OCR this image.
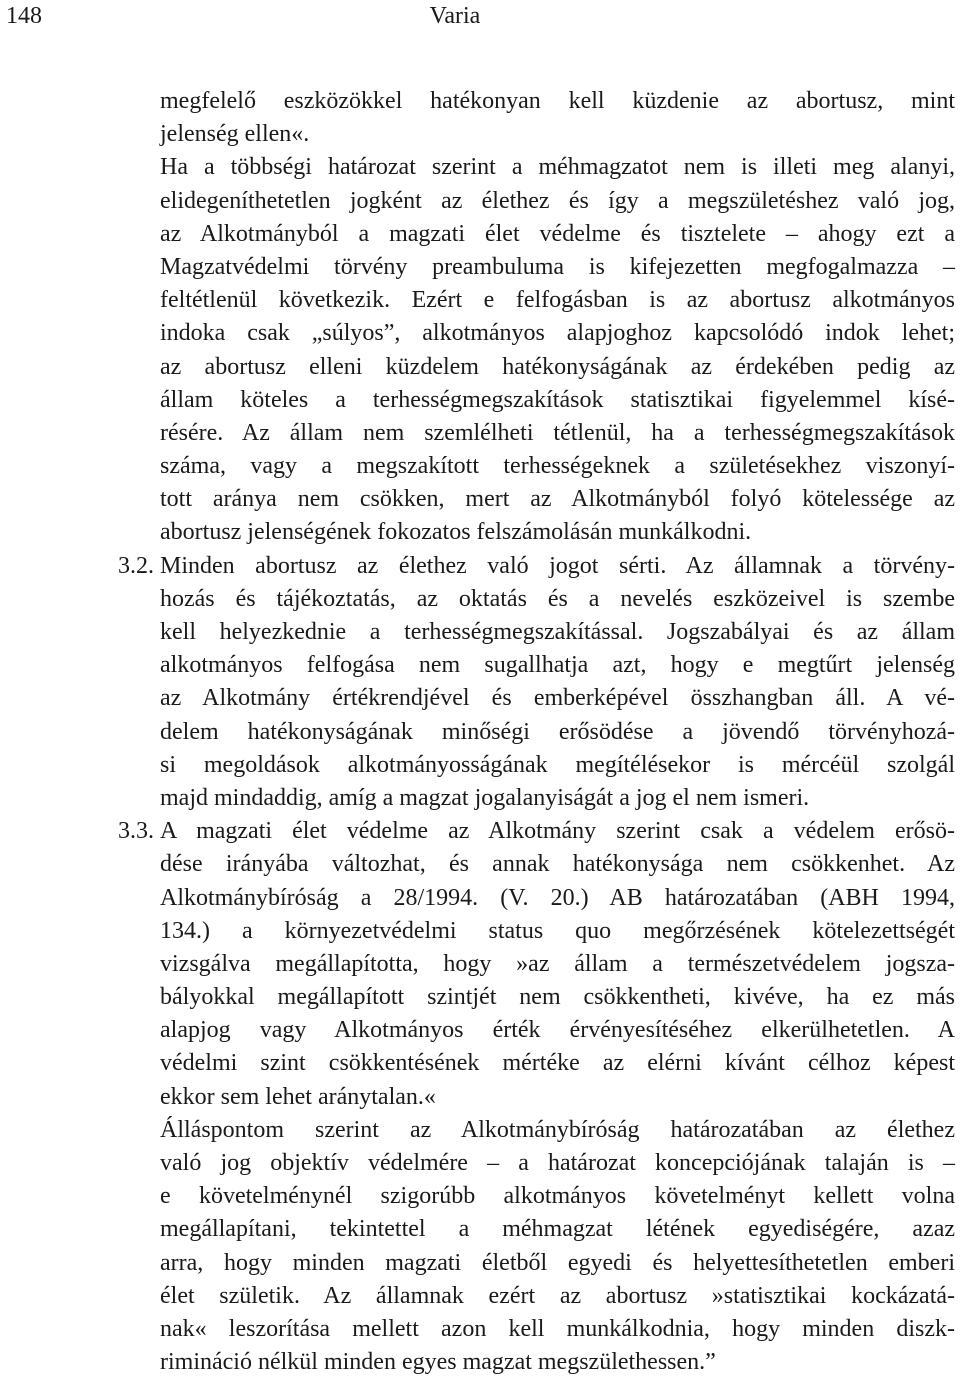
148	Varia
megfelelő eszközökkel hatékonyan kell küzdenie az abortusz, mint
jelenség ellen«.
Ha a többségi határozat szerint a méhmagzatot nem is illeti meg alanyi,
elidegeníthetetlen jogként az élethez és így a megszületéshez való jog,
az Alkotmányból a magzati élet védelme és tisztelete – ahogy ezt a
Magzatvédelmi törvény preambuluma is kifejezetten megfogalmazza –
feltétlenül következik. Ezért e felfogásban is az abortusz alkotmányos
indoka csak „súlyos”, alkotmányos alapjoghoz kapcsolódó indok lehet;
az abortusz elleni küzdelem hatékonyságának az érdekében pedig az
állam köteles a terhességmegszakítások statisztikai figyelemmel kísé-
résére. Az állam nem szemlélheti tétlenül, ha a terhességmegszakítások
száma, vagy a megszakított terhességeknek a születésekhez viszonyí-
tott aránya nem csökken, mert az Alkotmányból folyó kötelessége az
abortusz jelenségének fokozatos felszámolásán munkálkodni.
3.2. Minden abortusz az élethez való jogot sérti. Az államnak a törvény-
hozás és tájékoztatás, az oktatás és a nevelés eszközeivel is szembe
kell helyezkednie a terhességmegszakítással. Jogszabályai és az állam
alkotmányos felfogása nem sugallhatja azt, hogy e megtűrt jelenség
az Alkotmány értékrendjével és emberképével összhangban áll. A vé-
delem hatékonyságának minőségi erősödése a jövendő törvényhozá-
si megoldások alkotmányosságának megítélésekor is mércéül szolgál
majd mindaddig, amíg a magzat jogalanyiságát a jog el nem ismeri.
3.3. A magzati élet védelme az Alkotmány szerint csak a védelem erősö-
dése irányába változhat, és annak hatékonysága nem csökkenhet. Az
Alkotmánybíróság a 28/1994. (V. 20.) AB határozatában (ABH 1994,
134.) a környezetvédelmi status quo megőrzésének kötelezettségét
vizsgálva megállapította, hogy »az állam a természetvédelem jogsza-
bályokkal megállapított szintjét nem csökkentheti, kivéve, ha ez más
alapjog vagy Alkotmányos érték érvényesítéséhez elkerülhetetlen. A
védelmi szint csökkentésének mértéke az elérni kívánt célhoz képest
ekkor sem lehet aránytalan.«
Álláspontom szerint az Alkotmánybíróság határozatában az élethez
való jog objektív védelmére – a határozat koncepciójának talaján is –
e követelménynél szigorúbb alkotmányos követelményt kellett volna
megállapítani, tekintettel a méhmagzat létének egyediségére, azaz
arra, hogy minden magzati életből egyedi és helyettesíthetetlen emberi
élet születik. Az államnak ezért az abortusz »statisztikai kockázatá-
nak« leszorítása mellett azon kell munkálkodnia, hogy minden diszk-
rimináció nélkül minden egyes magzat megszülethessen.”
